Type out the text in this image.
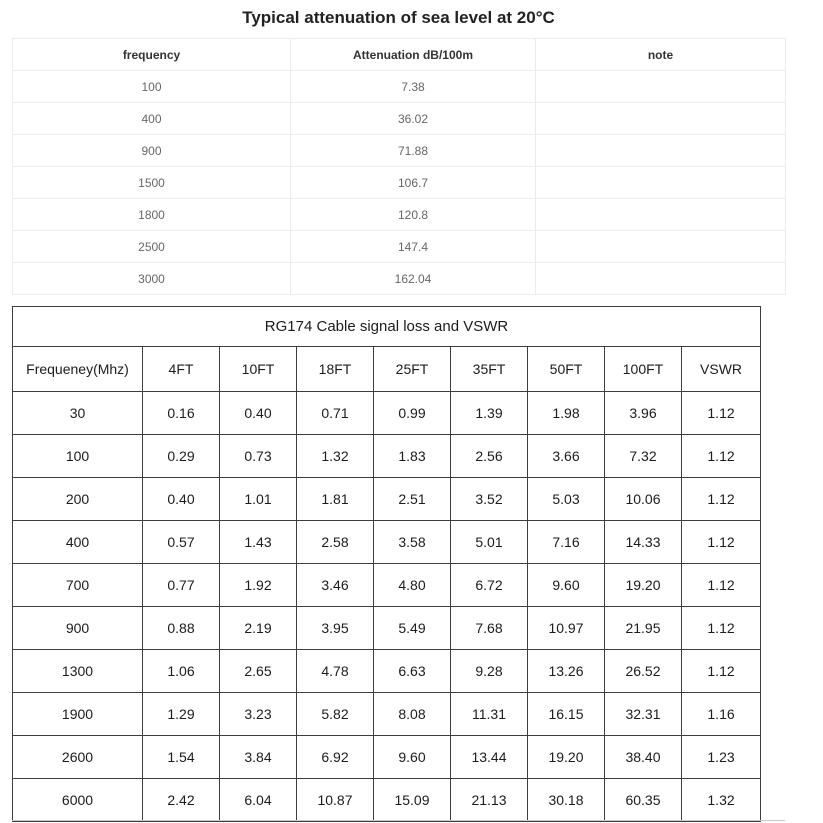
Typical attenuation of sea level at 20°C
frequency	Attenuation dB/100m	note
100	7.38	
400	36.02	
900	71.88	
1500	106.7	
1800	120.8	
2500	147.4	
3000	162.04	
RG174 Cable signal loss and VSWR								
Frequeney(Mhz)	4FT	10FT	18FT	25FT	35FT	50FT	100FT	VSWR
30	0.16	0.40	0.71	0.99	1.39	1.98	3.96	1.12
100	0.29	0.73	1.32	1.83	2.56	3.66	7.32	1.12
200	0.40	1.01	1.81	2.51	3.52	5.03	10.06	1.12
400	0.57	1.43	2.58	3.58	5.01	7.16	14.33	1.12
700	0.77	1.92	3.46	4.80	6.72	9.60	19.20	1.12
900	0.88	2.19	3.95	5.49	7.68	10.97	21.95	1.12
1300	1.06	2.65	4.78	6.63	9.28	13.26	26.52	1.12
1900	1.29	3.23	5.82	8.08	11.31	16.15	32.31	1.16
2600	1.54	3.84	6.92	9.60	13.44	19.20	38.40	1.23
6000	2.42	6.04	10.87	15.09	21.13	30.18	60.35	1.32
